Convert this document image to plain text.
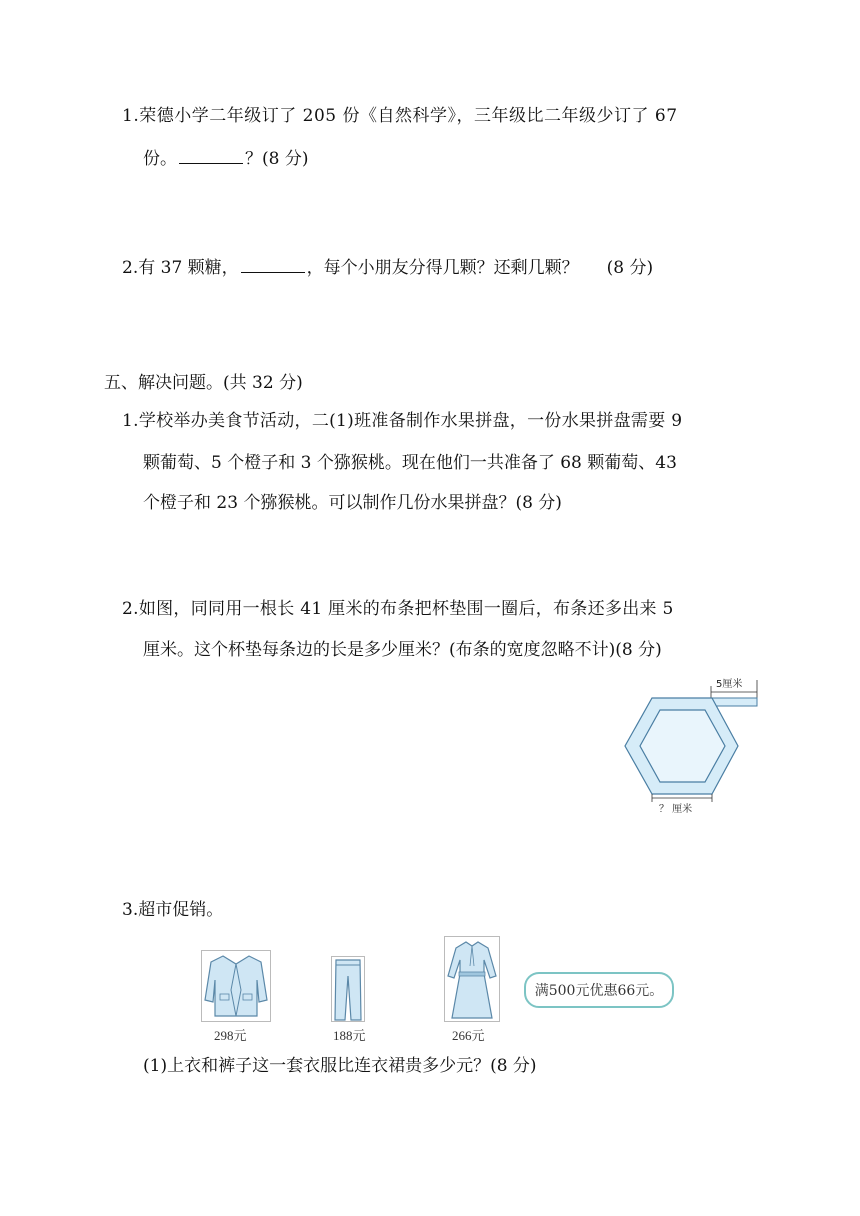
1.荣德小学二年级订了 205 份《自然科学》，三年级比二年级少订了 67
份。	？(8 分)
2.有 37 颗糖，	，每个小朋友分得几颗？还剩几颗？ (8 分)
五、解决问题。(共 32 分)
1.学校举办美食节活动，二(1)班准备制作水果拼盘，一份水果拼盘需要 9
颗葡萄、5 个橙子和 3 个猕猴桃。现在他们一共准备了 68 颗葡萄、43
个橙子和 23 个猕猴桃。可以制作几份水果拼盘？(8 分)
2.如图，同同用一根长 41 厘米的布条把杯垫围一圈后，布条还多出来 5
厘米。这个杯垫每条边的长是多少厘米？(布条的宽度忽略不计)(8 分)
5厘米
？ 厘米
3.超市促销。
298元	188元	266元
满500元优惠66元。
(1)上衣和裤子这一套衣服比连衣裙贵多少元？(8 分)
